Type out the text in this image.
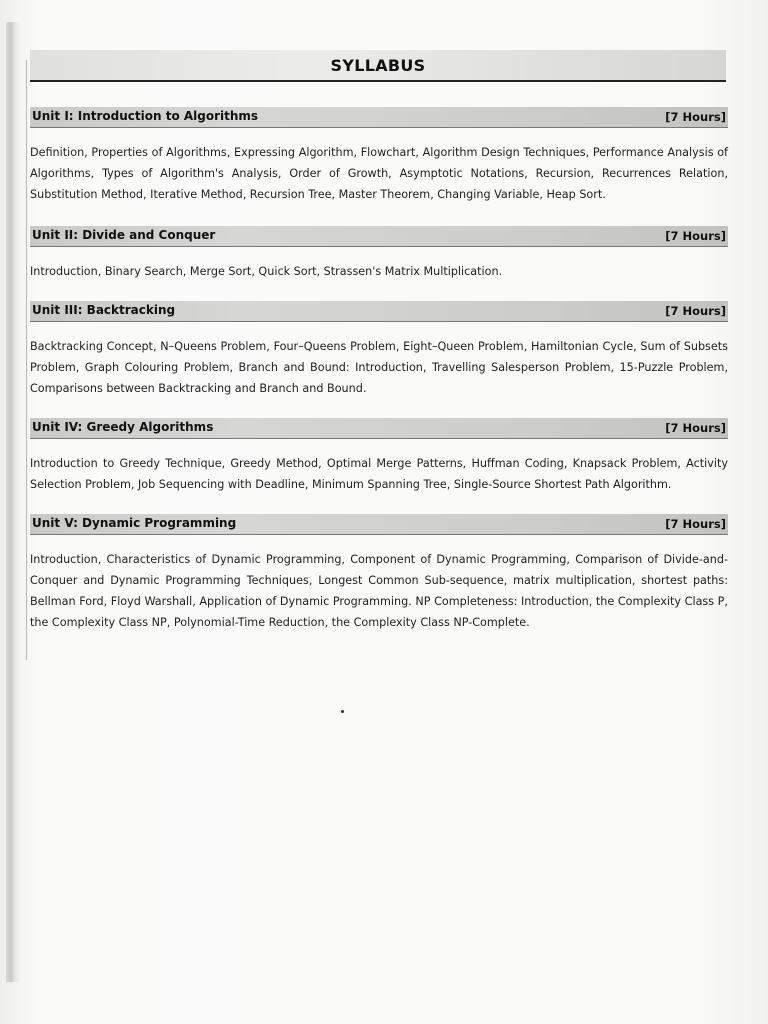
SYLLABUS
Unit I: Introduction to Algorithms	[7 Hours]
Definition, Properties of Algorithms, Expressing Algorithm, Flowchart, Algorithm Design Techniques, Performance Analysis of Algorithms, Types of Algorithm's Analysis, Order of Growth, Asymptotic Notations, Recursion, Recurrences Relation, Substitution Method, Iterative Method, Recursion Tree, Master Theorem, Changing Variable, Heap Sort.
Unit II: Divide and Conquer	[7 Hours]
Introduction, Binary Search, Merge Sort, Quick Sort, Strassen's Matrix Multiplication.
Unit III: Backtracking	[7 Hours]
Backtracking Concept, N–Queens Problem, Four–Queens Problem, Eight–Queen Problem, Hamiltonian Cycle, Sum of Subsets Problem, Graph Colouring Problem, Branch and Bound: Introduction, Travelling Salesperson Problem, 15-Puzzle Problem, Comparisons between Backtracking and Branch and Bound.
Unit IV: Greedy Algorithms	[7 Hours]
Introduction to Greedy Technique, Greedy Method, Optimal Merge Patterns, Huffman Coding, Knapsack Problem, Activity Selection Problem, Job Sequencing with Deadline, Minimum Spanning Tree, Single-Source Shortest Path Algorithm.
Unit V: Dynamic Programming	[7 Hours]
Introduction, Characteristics of Dynamic Programming, Component of Dynamic Programming, Comparison of Divide-and-Conquer and Dynamic Programming Techniques, Longest Common Sub-sequence, matrix multiplication, shortest paths: Bellman Ford, Floyd Warshall, Application of Dynamic Programming. NP Completeness: Introduction, the Complexity Class P, the Complexity Class NP, Polynomial-Time Reduction, the Complexity Class NP-Complete.
